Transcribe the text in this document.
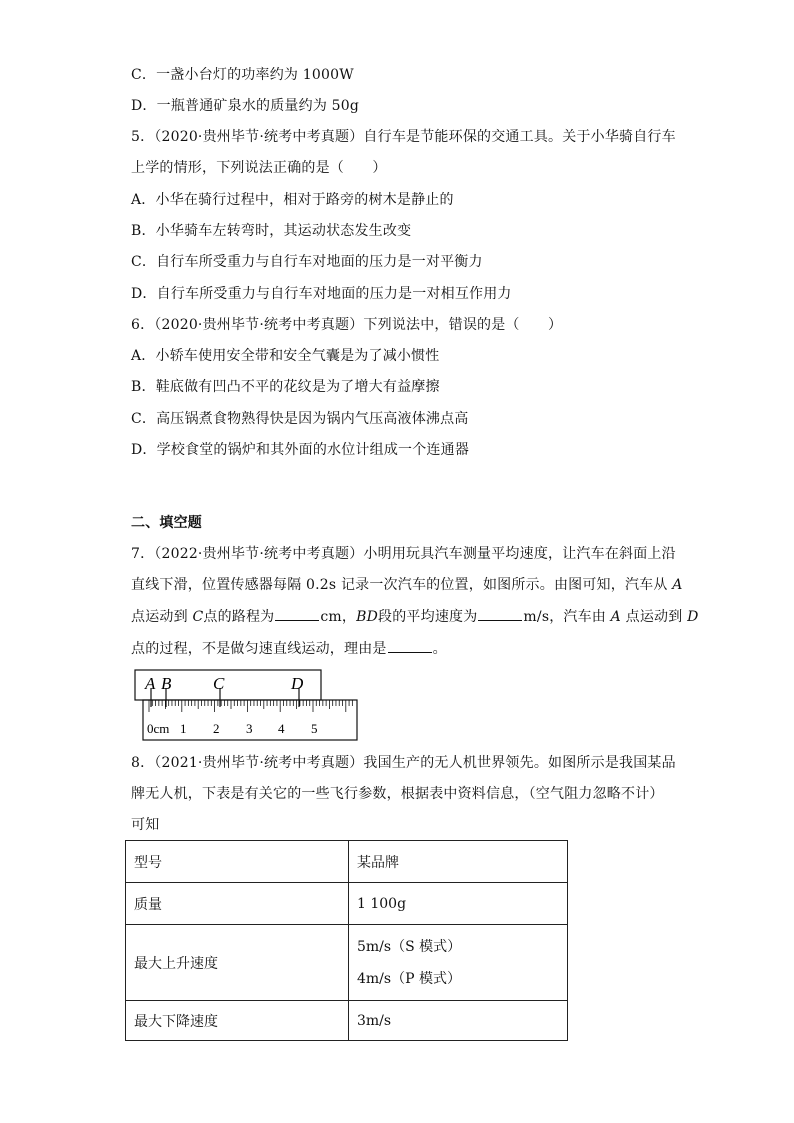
C．一盏小台灯的功率约为 1000W
D．一瓶普通矿泉水的质量约为 50g
5．（2020·贵州毕节·统考中考真题）自行车是节能环保的交通工具。关于小华骑自行车
上学的情形，下列说法正确的是（　　）
A．小华在骑行过程中，相对于路旁的树木是静止的
B．小华骑车左转弯时，其运动状态发生改变
C．自行车所受重力与自行车对地面的压力是一对平衡力
D．自行车所受重力与自行车对地面的压力是一对相互作用力
6．（2020·贵州毕节·统考中考真题）下列说法中，错误的是（　　）
A．小轿车使用安全带和安全气囊是为了减小惯性
B．鞋底做有凹凸不平的花纹是为了增大有益摩擦
C．高压锅煮食物熟得快是因为锅内气压高液体沸点高
D．学校食堂的锅炉和其外面的水位计组成一个连通器
二、填空题
7．（2022·贵州毕节·统考中考真题）小明用玩具汽车测量平均速度，让汽车在斜面上沿
直线下滑，位置传感器每隔 0.2s 记录一次汽车的位置，如图所示。由图可知，汽车从 A
点运动到 C点的路程为	cm，BD段的平均速度为	m/s，汽车由 A 点运动到 D
点的过程，不是做匀速直线运动，理由是	。
A B C	D
0cm 1 2 3 4 5
8．（2021·贵州毕节·统考中考真题）我国生产的无人机世界领先。如图所示是我国某品
牌无人机，下表是有关它的一些飞行参数，根据表中资料信息，（空气阻力忽略不计）
可知
型号	某品牌
质量	1 100g
最大上升速度	5m/s（S 模式）
4m/s（P 模式）

最大下降速度	3m/s
